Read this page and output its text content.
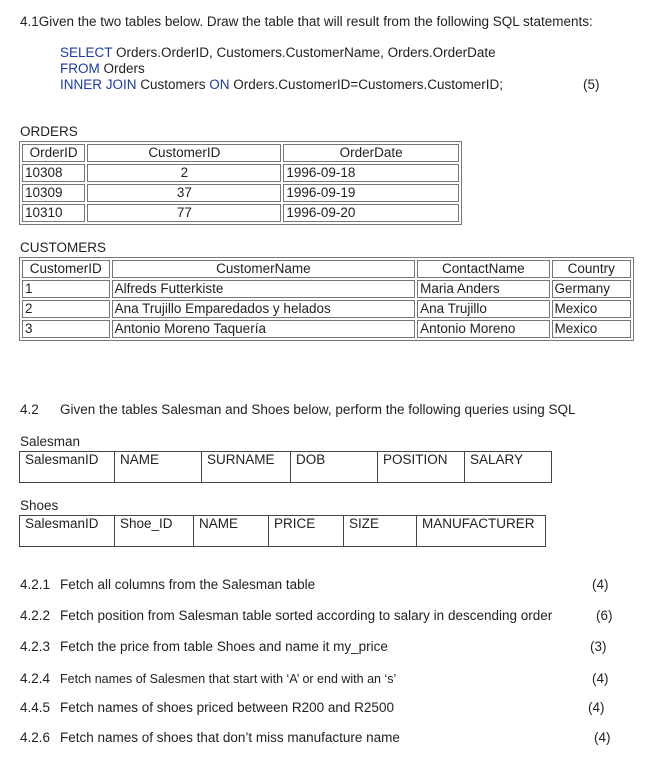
4.1Given the two tables below. Draw the table that will result from the following SQL statements:
SELECT Orders.OrderID, Customers.CustomerName, Orders.OrderDate
FROM Orders
INNER JOIN Customers ON Orders.CustomerID=Customers.CustomerID;	(5)
ORDERS
OrderID	CustomerID	OrderDate
10308	2	1996-09-18
10309	37	1996-09-19
10310	77	1996-09-20
CUSTOMERS
CustomerID	CustomerName	ContactName	Country
1	Alfreds Futterkiste	Maria Anders	Germany
2	Ana Trujillo Emparedados y helados	Ana Trujillo	Mexico
3	Antonio Moreno Taquería	Antonio Moreno	Mexico
4.2 Given the tables Salesman and Shoes below, perform the following queries using SQL
Salesman
SalesmanID	NAME	SURNAME	DOB	POSITION	SALARY
Shoes
SalesmanID	Shoe_ID	NAME	PRICE	SIZE	MANUFACTURER
4.2.1 Fetch all columns from the Salesman table	(4)
4.2.2 Fetch position from Salesman table sorted according to salary in descending order	(6)
4.2.3 Fetch the price from table Shoes and name it my_price	(3)
4.2.4 Fetch names of Salesmen that start with ‘A’ or end with an ‘s’	(4)
4.4.5 Fetch names of shoes priced between R200 and R2500	(4)
4.2.6 Fetch names of shoes that don’t miss manufacture name	(4)
